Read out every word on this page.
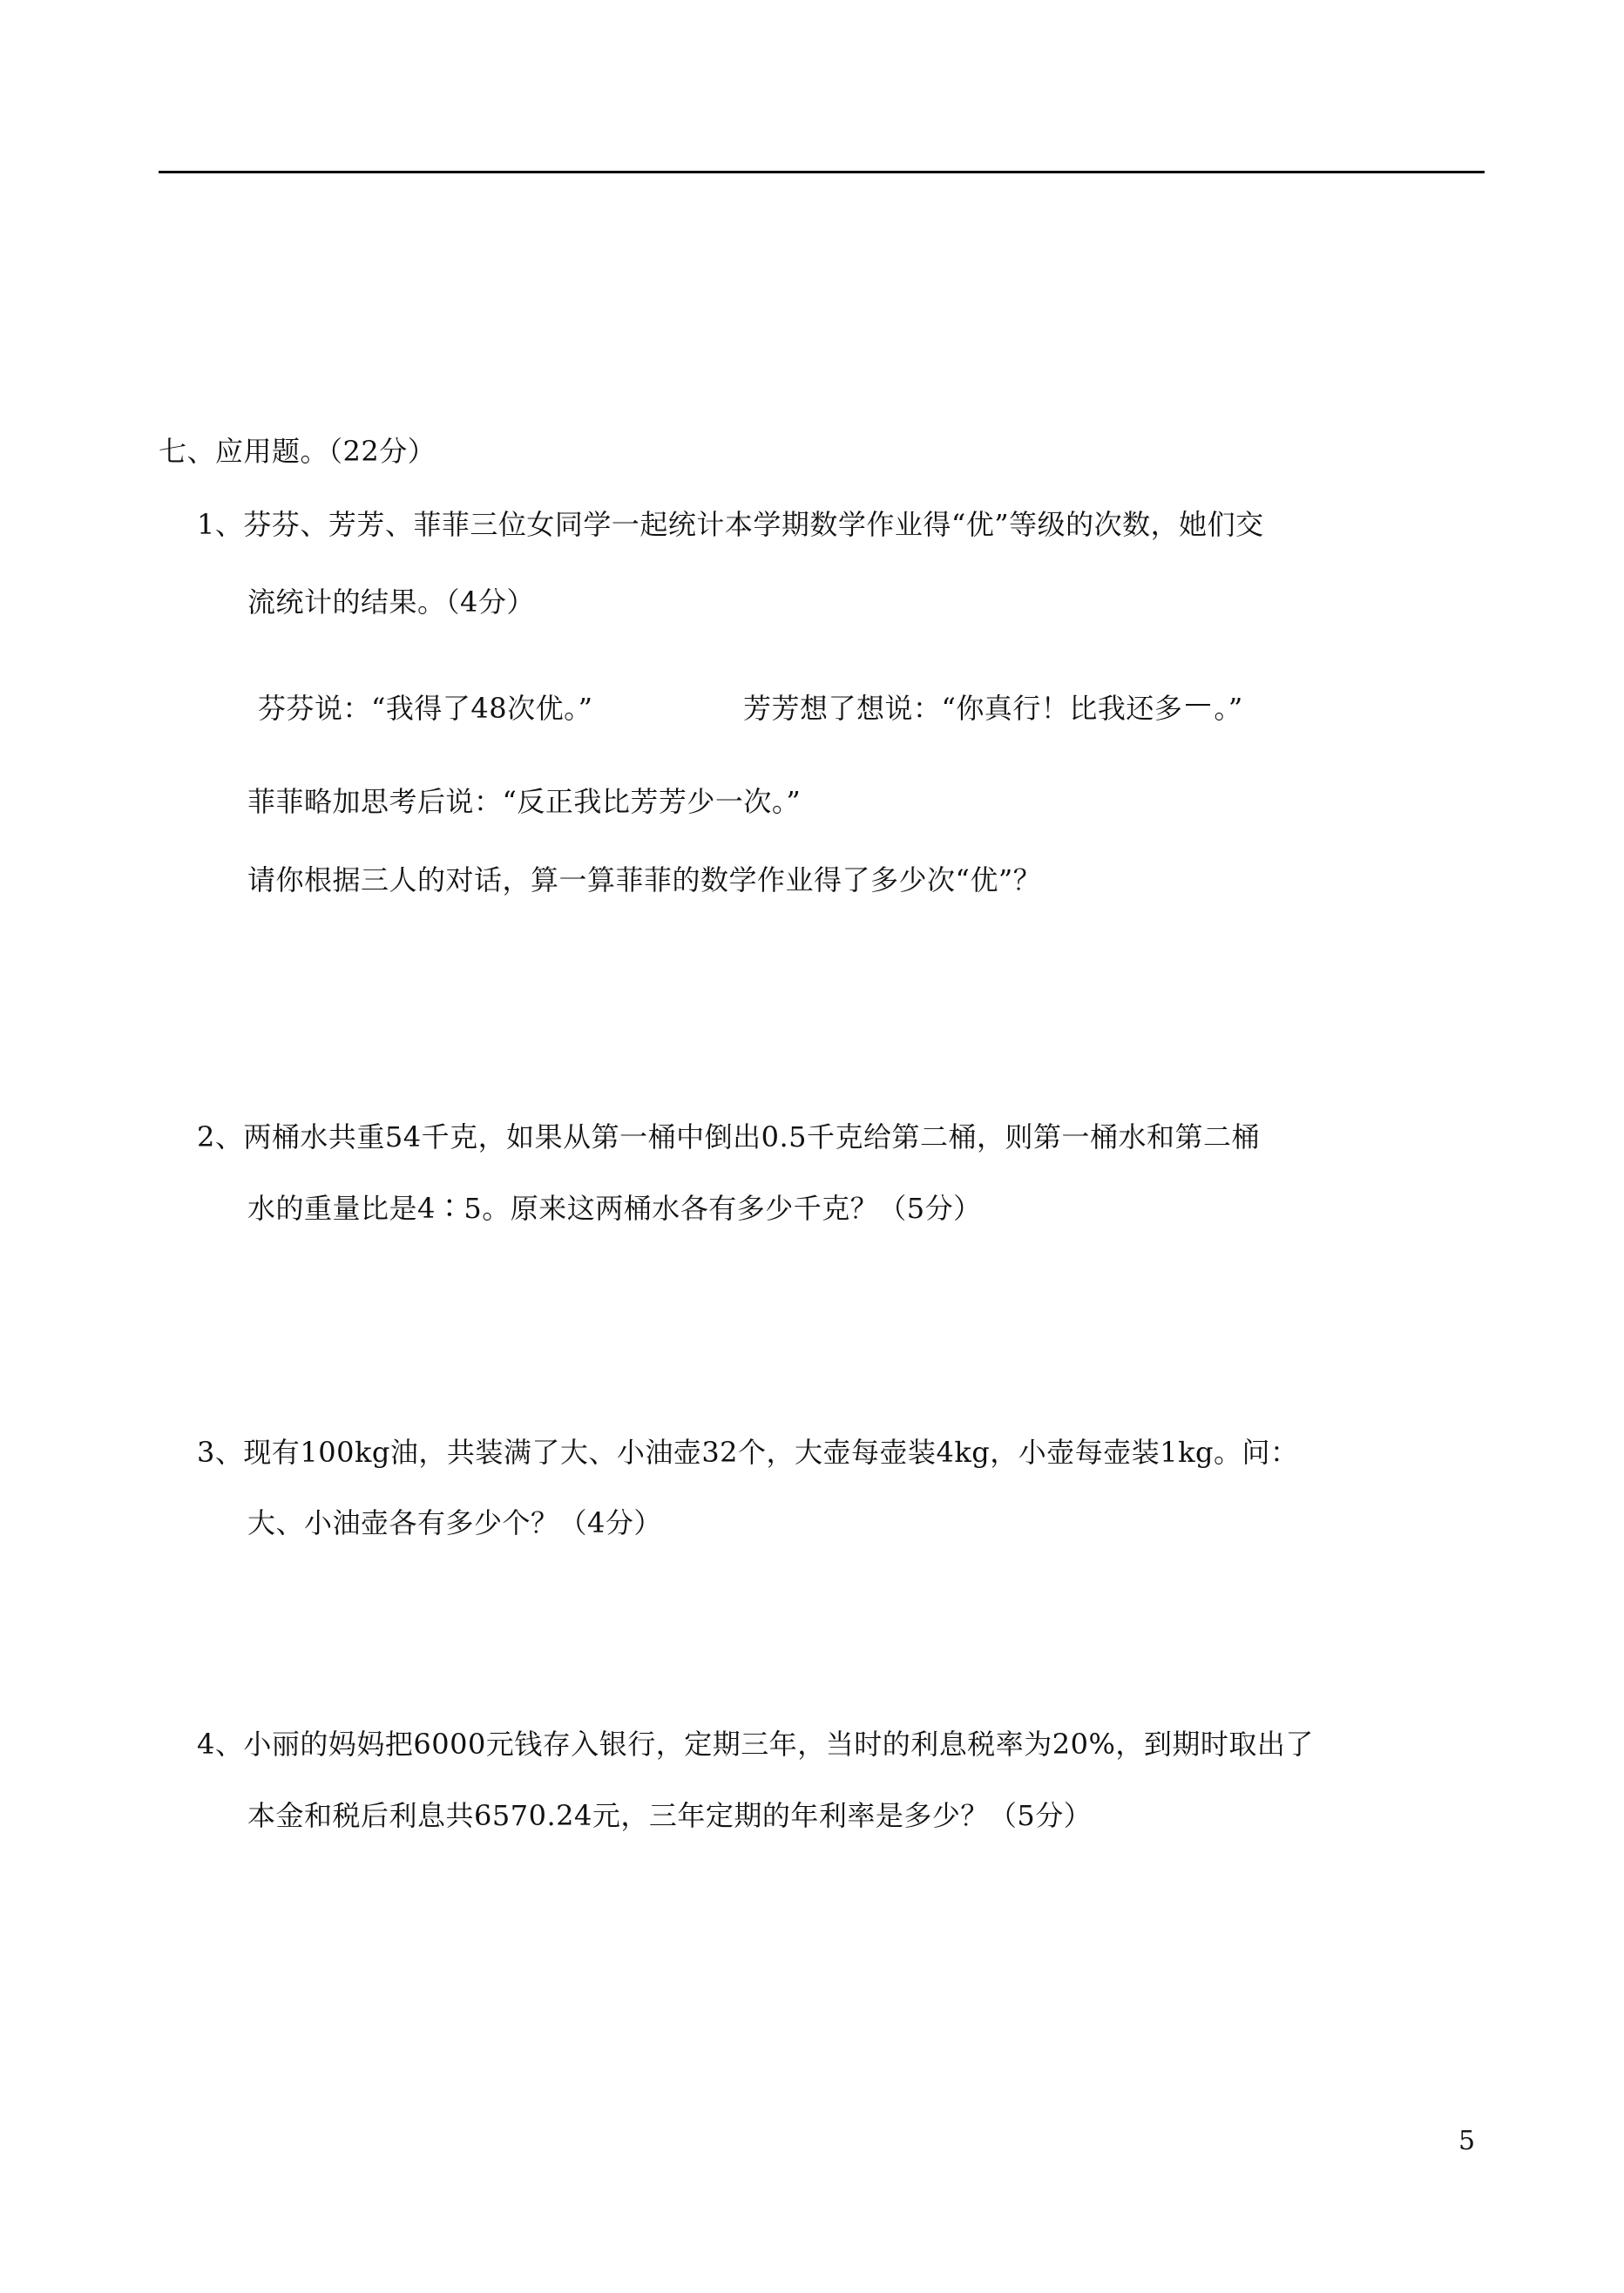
七、应用题。（22分）
1、芬芬、芳芳、菲菲三位女同学一起统计本学期数学作业得“优”等级的次数，她们交
流统计的结果。（4分）
芬芬说：“我得了48次优。”	芳芳想了想说：“你真行！比我还多 。”
菲菲略加思考后说：“反正我比芳芳少一次。”
请你根据三人的对话，算一算菲菲的数学作业得了多少次“优”？
2、两桶水共重54千克，如果从第一桶中倒出0.5千克给第二桶，则第一桶水和第二桶
水的重量比是4∶5。原来这两桶水各有多少千克？（5分）
3、现有100kg油，共装满了大、小油壶32个，大壶每壶装4kg，小壶每壶装1kg。问：
大、小油壶各有多少个？（4分）
4、小丽的妈妈把6000元钱存入银行，定期三年，当时的利息税率为20%，到期时取出了
本金和税后利息共6570.24元，三年定期的年利率是多少？（5分）
5
